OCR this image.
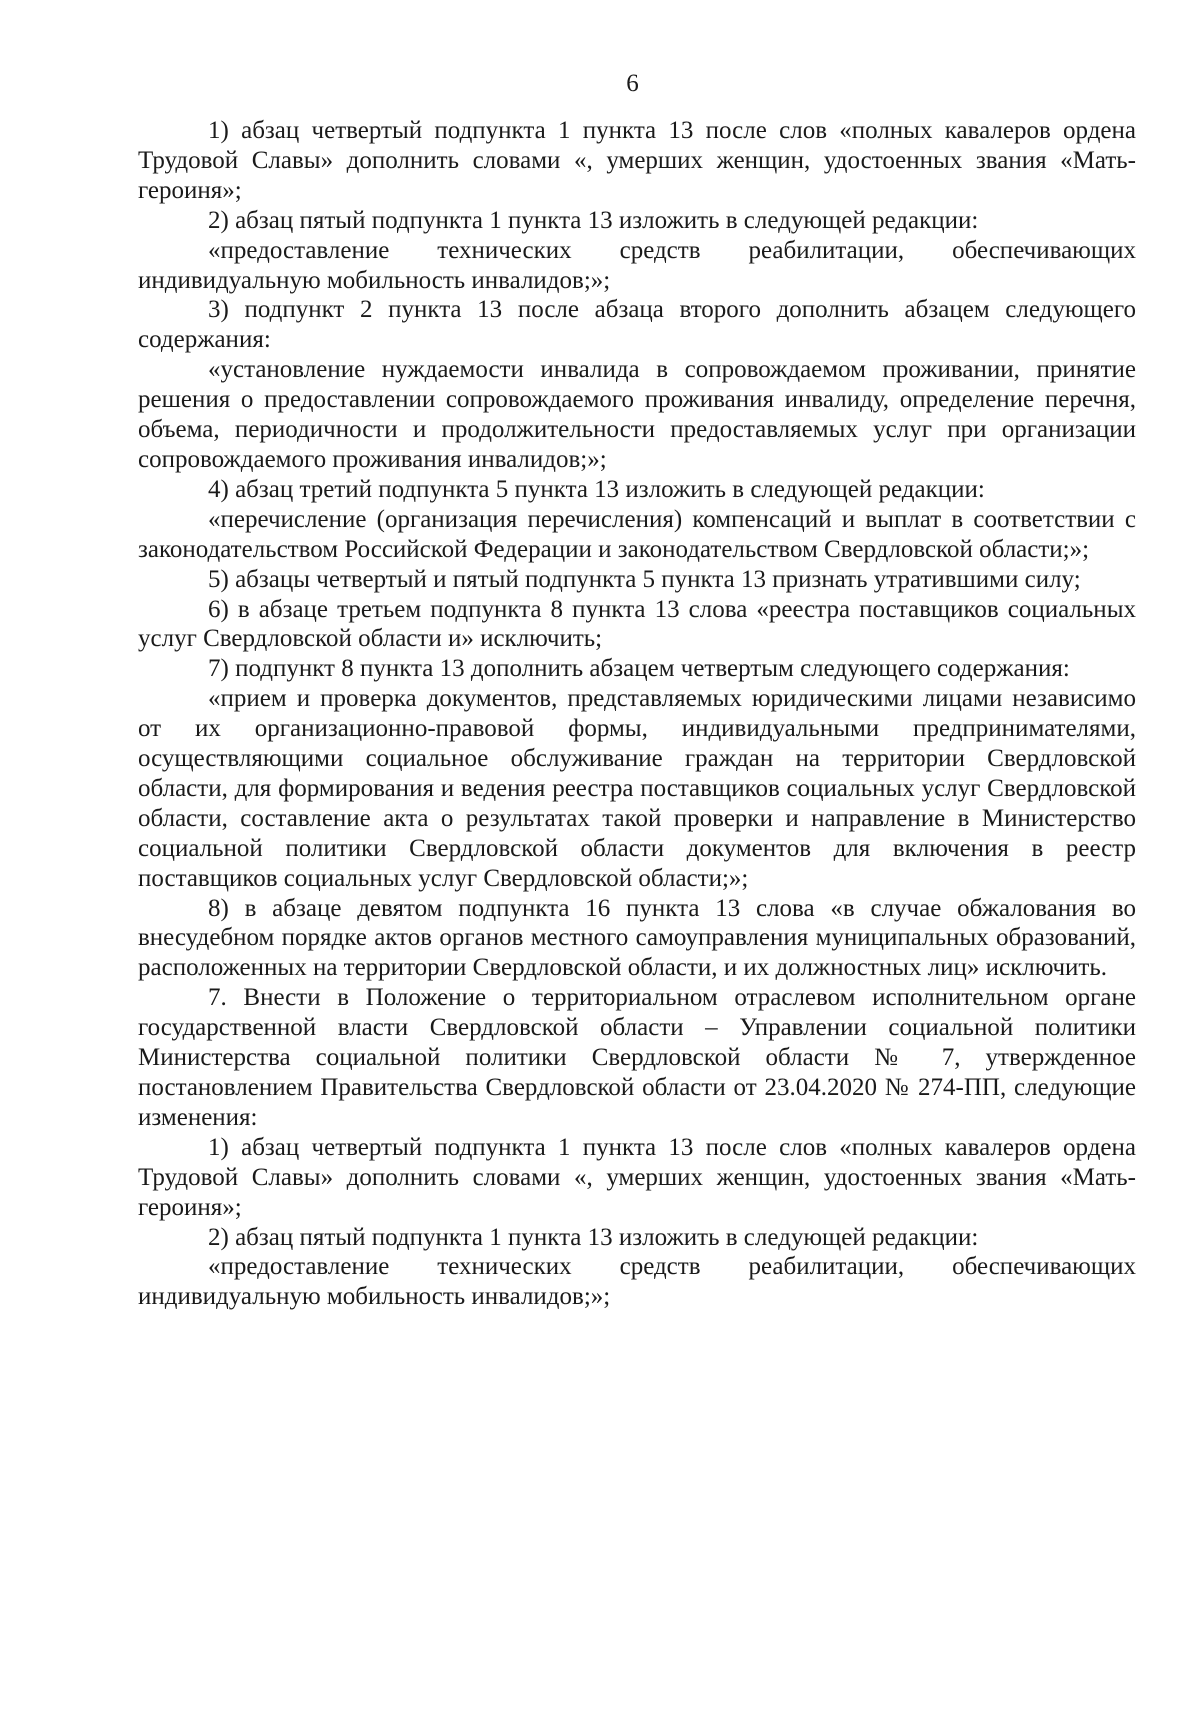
6

1) абзац четвертый подпункта 1 пункта 13 после слов «полных кавалеров ордена Трудовой Славы» дополнить словами «, умерших женщин, удостоенных звания «Мать-героиня»;

2) абзац пятый подпункта 1 пункта 13 изложить в следующей редакции:

«предоставление технических средств реабилитации, обеспечивающих индивидуальную мобильность инвалидов;»;

3) подпункт 2 пункта 13 после абзаца второго дополнить абзацем следующего содержания:

«установление нуждаемости инвалида в сопровождаемом проживании, принятие решения о предоставлении сопровождаемого проживания инвалиду, определение перечня, объема, периодичности и продолжительности предоставляемых услуг при организации сопровождаемого проживания инвалидов;»;

4) абзац третий подпункта 5 пункта 13 изложить в следующей редакции:

«перечисление (организация перечисления) компенсаций и выплат в соответствии с законодательством Российской Федерации и законодательством Свердловской области;»;

5) абзацы четвертый и пятый подпункта 5 пункта 13 признать утратившими силу;

6) в абзаце третьем подпункта 8 пункта 13 слова «реестра поставщиков социальных услуг Свердловской области и» исключить;

7) подпункт 8 пункта 13 дополнить абзацем четвертым следующего содержания:

«прием и проверка документов, представляемых юридическими лицами независимо от их организационно-правовой формы, индивидуальными предпринимателями, осуществляющими социальное обслуживание граждан на территории Свердловской области, для формирования и ведения реестра поставщиков социальных услуг Свердловской области, составление акта о результатах такой проверки и направление в Министерство социальной политики Свердловской области документов для включения в реестр поставщиков социальных услуг Свердловской области;»;

8) в абзаце девятом подпункта 16 пункта 13 слова «в случае обжалования во внесудебном порядке актов органов местного самоуправления муниципальных образований, расположенных на территории Свердловской области, и их должностных лиц» исключить.

7. Внести в Положение о территориальном отраслевом исполнительном органе государственной власти Свердловской области – Управлении социальной политики Министерства социальной политики Свердловской области № 7, утвержденное постановлением Правительства Свердловской области от 23.04.2020 № 274-ПП, следующие изменения:

1) абзац четвертый подпункта 1 пункта 13 после слов «полных кавалеров ордена Трудовой Славы» дополнить словами «, умерших женщин, удостоенных звания «Мать-героиня»;

2) абзац пятый подпункта 1 пункта 13 изложить в следующей редакции:

«предоставление технических средств реабилитации, обеспечивающих индивидуальную мобильность инвалидов;»;
